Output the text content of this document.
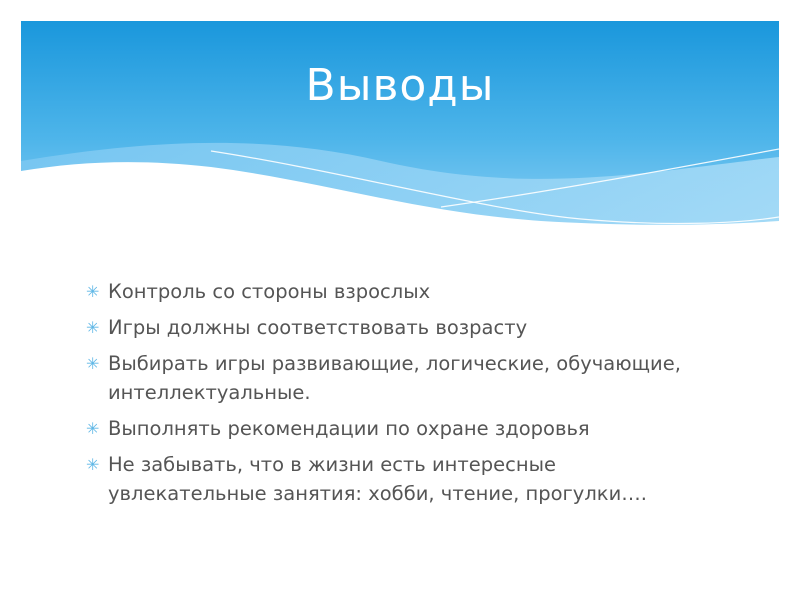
Выводы
✳ Контроль со стороны взрослых
✳ Игры должны соответствовать возрасту
✳ Выбирать игры развивающие, логические, обучающие, интеллектуальные.
✳ Выполнять рекомендации по охране здоровья
✳ Не забывать, что в жизни есть интересные увлекательные занятия: хобби, чтение, прогулки….
